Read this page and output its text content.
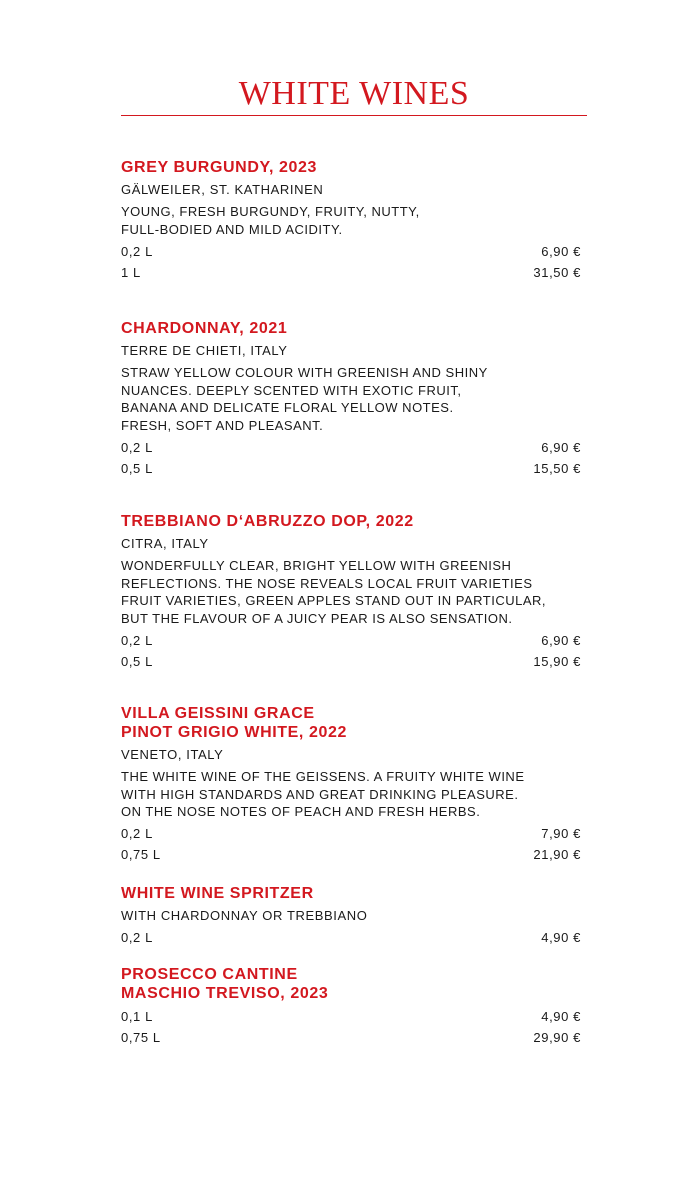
WHITE WINES
GREY BURGUNDY, 2023
GÄLWEILER, ST. KATHARINEN
YOUNG, FRESH BURGUNDY, FRUITY, NUTTY,
FULL-BODIED AND MILD ACIDITY.
0,2 L	6,90 €
1 L	31,50 €
CHARDONNAY, 2021
TERRE DE CHIETI, ITALY
STRAW YELLOW COLOUR WITH GREENISH AND SHINY
NUANCES. DEEPLY SCENTED WITH EXOTIC FRUIT,
BANANA AND DELICATE FLORAL YELLOW NOTES.
FRESH, SOFT AND PLEASANT.
0,2 L	6,90 €
0,5 L	15,50 €
TREBBIANO D‘ABRUZZO DOP, 2022
CITRA, ITALY
WONDERFULLY CLEAR, BRIGHT YELLOW WITH GREENISH
REFLECTIONS. THE NOSE REVEALS LOCAL FRUIT VARIETIES
FRUIT VARIETIES, GREEN APPLES STAND OUT IN PARTICULAR,
BUT THE FLAVOUR OF A JUICY PEAR IS ALSO SENSATION.
0,2 L	6,90 €
0,5 L	15,90 €
VILLA GEISSINI GRACE
PINOT GRIGIO WHITE, 2022
VENETO, ITALY
THE WHITE WINE OF THE GEISSENS. A FRUITY WHITE WINE
WITH HIGH STANDARDS AND GREAT DRINKING PLEASURE.
ON THE NOSE NOTES OF PEACH AND FRESH HERBS.
0,2 L	7,90 €
0,75 L	21,90 €
WHITE WINE SPRITZER
WITH CHARDONNAY OR TREBBIANO
0,2 L	4,90 €
PROSECCO CANTINE
MASCHIO TREVISO, 2023
0,1 L	4,90 €
0,75 L	29,90 €
